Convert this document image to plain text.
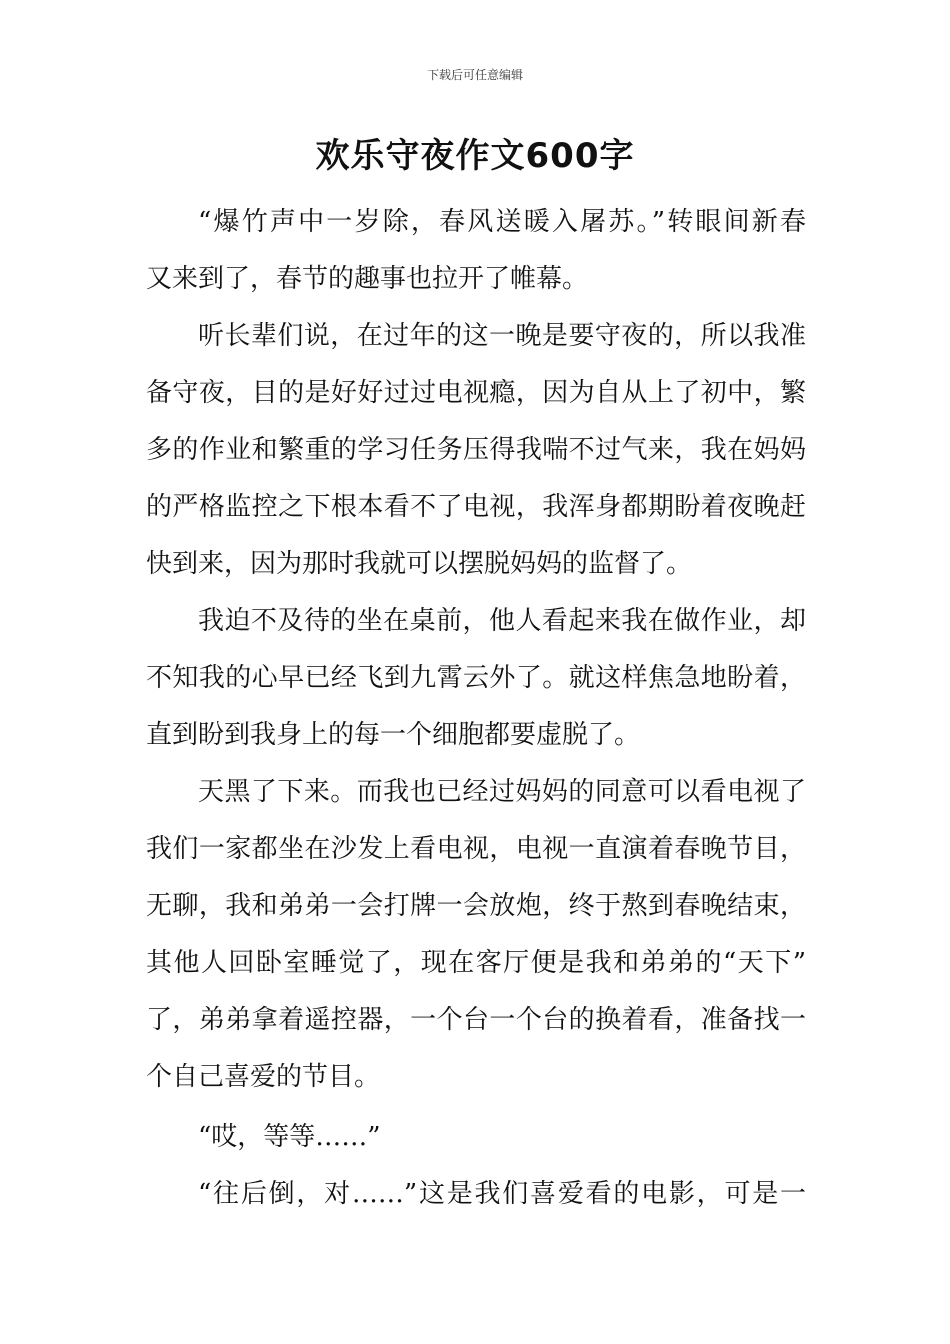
下载后可任意编辑
欢乐守夜作文600字
“爆竹声中一岁除，春风送暖入屠苏。”转眼间新春
又来到了，春节的趣事也拉开了帷幕。
听长辈们说，在过年的这一晚是要守夜的，所以我准
备守夜，目的是好好过过电视瘾，因为自从上了初中，繁
多的作业和繁重的学习任务压得我喘不过气来，我在妈妈
的严格监控之下根本看不了电视，我浑身都期盼着夜晚赶
快到来，因为那时我就可以摆脱妈妈的监督了。
我迫不及待的坐在桌前，他人看起来我在做作业，却
不知我的心早已经飞到九霄云外了。就这样焦急地盼着，
直到盼到我身上的每一个细胞都要虚脱了。
天黑了下来。而我也已经过妈妈的同意可以看电视了
我们一家都坐在沙发上看电视，电视一直演着春晚节目，
无聊，我和弟弟一会打牌一会放炮，终于熬到春晚结束，
其他人回卧室睡觉了，现在客厅便是我和弟弟的“天下”
了，弟弟拿着遥控器，一个台一个台的换着看，准备找一
个自己喜爱的节目。
“哎，等等……”
“往后倒，对……”这是我们喜爱看的电影，可是一
